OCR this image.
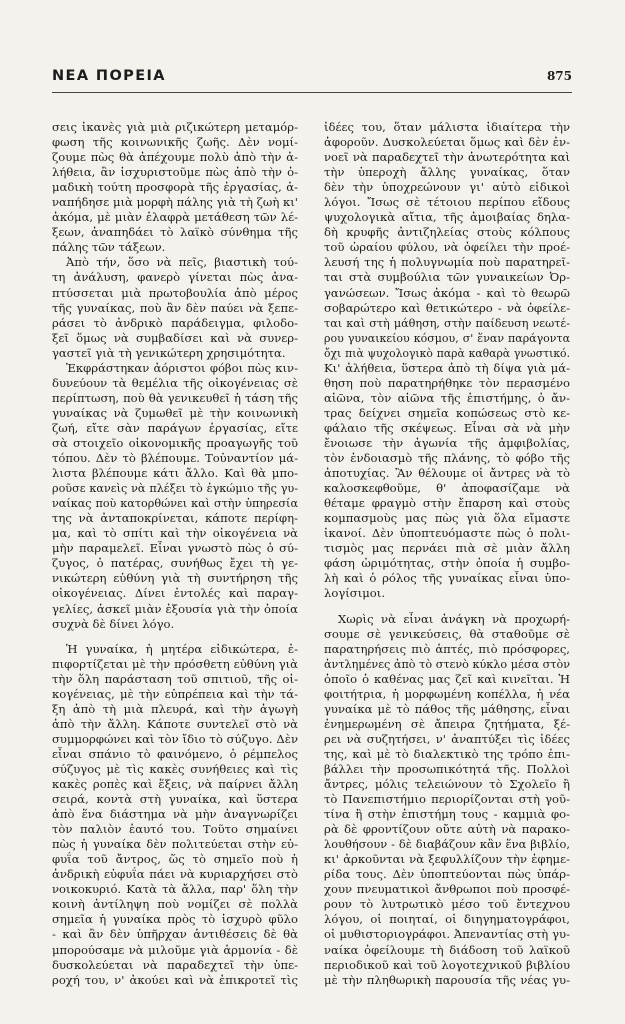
ΝΕΑ ΠΟΡΕΙΑ	875
σεις ἱκανὲς γιὰ μιὰ ριζικώτερη μεταμόρ-
φωση τῆς κοινωνικῆς ζωῆς. Δὲν νομί-
ζουμε πὼς θὰ ἀπέχουμε πολὺ ἀπὸ τὴν ἀ-
λήθεια, ἂν ἰσχυριστοῦμε πὼς ἀπὸ τὴν ὁ-
μαδικὴ τούτη προσφορὰ τῆς ἐργασίας, ἀ-
ναπήδησε μιὰ μορφὴ πάλης γιὰ τὴ ζωὴ κι'
ἀκόμα, μὲ μιὰν ἐλαφρὰ μετάθεση τῶν λέ-
ξεων, ἀναπηδάει τὸ λαϊκὸ σύνθημα τῆς
πάλης τῶν τάξεων.
Ἀπὸ τήν, ὅσο νὰ πεῖς, βιαστικὴ τού-
τη ἀνάλυση, φανερὸ γίνεται πὼς ἀνα-
πτύσσεται μιὰ πρωτοβουλία ἀπὸ μέρος
τῆς γυναίκας, ποὺ ἂν δὲν παύει νὰ ξεπε-
ράσει τὸ ἀνδρικὸ παράδειγμα, φιλοδο-
ξεῖ ὅμως νὰ συμβαδίσει καὶ νὰ συνερ-
γαστεῖ γιὰ τὴ γενικώτερη χρησιμότητα.
Ἐκφράστηκαν ἀόριστοι φόβοι πὼς κιν-
δυνεύουν τὰ θεμέλια τῆς οἰκογένειας σὲ
περίπτωση, ποὺ θὰ γενικευθεῖ ἡ τάση τῆς
γυναίκας νὰ ζυμωθεῖ μὲ τὴν κοινωνικὴ
ζωή, εἴτε σὰν παράγων ἐργασίας, εἴτε
σὰ στοιχεῖο οἰκονομικῆς προαγωγῆς τοῦ
τόπου. Δὲν τὸ βλέπουμε. Τοὐναντίον μά-
λιστα βλέπουμε κάτι ἄλλο. Καὶ θὰ μπο-
ροῦσε κανεὶς νὰ πλέξει τὸ ἐγκώμιο τῆς γυ-
ναίκας ποὺ κατορθώνει καὶ στὴν ὑπηρεσία
της νὰ ἀνταποκρίνεται, κάποτε περίφη-
μα, καὶ τὸ σπίτι καὶ τὴν οἰκογένεια νὰ
μὴν παραμελεῖ. Εἶναι γνωστὸ πὼς ὁ σύ-
ζυγος, ὁ πατέρας, συνήθως ἔχει τὴ γε-
νικώτερη εὐθύνη γιὰ τὴ συντήρηση τῆς
οἰκογένειας. Δίνει ἐντολές καὶ παραγ-
γελίες, ἀσκεῖ μιὰν ἐξουσία γιὰ τὴν ὁποία
συχνὰ δὲ δίνει λόγο.
Ἡ γυναίκα, ἡ μητέρα εἰδικώτερα, ἐ-
πιφορτίζεται μὲ τὴν πρόσθετη εὐθύνη γιὰ
τὴν ὅλη παράσταση τοῦ σπιτιοῦ, τῆς οἰ-
κογένειας, μὲ τὴν εὐπρέπεια καὶ τὴν τά-
ξη ἀπὸ τὴ μιὰ πλευρά, καὶ τὴν ἀγωγὴ
ἀπὸ τὴν ἄλλη. Κάποτε συντελεῖ στὸ νὰ
συμμορφώνει καὶ τὸν ἴδιο τὸ σύζυγο. Δὲν
εἶναι σπάνιο τὸ φαινόμενο, ὁ ρέμπελος
σύζυγος μὲ τὶς κακὲς συνήθειες καὶ τὶς
κακὲς ροπὲς καὶ ἕξεις, νὰ παίρνει ἄλλη
σειρά, κοντὰ στὴ γυναίκα, καὶ ὕστερα
ἀπὸ ἕνα διάστημα νὰ μὴν ἀναγνωρίζει
τὸν παλιὸν ἑαυτό του. Τοῦτο σημαίνει
πὼς ἡ γυναίκα δὲν πολιτεύεται στὴν εὐ-
φυΐα τοῦ ἄντρος, ὥς τὸ σημεῖο ποὺ ἡ
ἀνδρικὴ εὐφυΐα πάει νὰ κυριαρχήσει στὸ
νοικοκυριό. Κατὰ τὰ ἄλλα, παρ' ὅλη τὴν
κοινὴ ἀντίληψη ποὺ νομίζει σὲ πολλὰ
σημεῖα ἡ γυναίκα πρὸς τὸ ἰσχυρὸ φῦλο
- καὶ ἂν δὲν ὑπῆρχαν ἀντιθέσεις δὲ θὰ
μπορούσαμε νὰ μιλοῦμε γιὰ ἁρμονία - δὲ
δυσκολεύεται νὰ παραδεχτεῖ τὴν ὑπε-
ροχή του, ν' ἀκούει καὶ νὰ ἐπικροτεῖ τὶς
ἰδέες του, ὅταν μάλιστα ἰδιαίτερα τὴν
ἀφοροῦν. Δυσκολεύεται ὅμως καὶ δὲν ἐν-
νοεῖ νὰ παραδεχτεῖ τὴν ἀνωτερότητα καὶ
τὴν ὑπεροχὴ ἄλλης γυναίκας, ὅταν
δὲν τὴν ὑποχρεώνουν γι' αὐτὸ εἰδικοὶ
λόγοι. Ἴσως σὲ τέτοιου περίπου εἴδους
ψυχολογικὰ αἴτια, τῆς ἀμοιβαίας δηλα-
δὴ κρυφῆς ἀντιζηλείας στοὺς κόλπους
τοῦ ὡραίου φύλου, νὰ ὀφείλει τὴν προέ-
λευσή της ἡ πολυγνωμία ποὺ παρατηρεῖ-
ται στὰ συμβούλια τῶν γυναικείων Ὀρ-
γανώσεων. Ἴσως ἀκόμα - καὶ τὸ θεωρῶ
σοβαρώτερο καὶ θετικώτερο - νὰ ὀφείλε-
ται καὶ στὴ μάθηση, στὴν παίδευση νεωτέ-
ρου γυναικείου κόσμου, σ' ἕναν παράγοντα
ὄχι πιὰ ψυχολογικὸ παρὰ καθαρὰ γνωστικό.
Κι' ἀλήθεια, ὕστερα ἀπὸ τὴ δίψα γιὰ μά-
θηση ποὺ παρατηρήθηκε τὸν περασμένο
αἰῶνα, τὸν αἰῶνα τῆς ἐπιστήμης, ὁ ἄν-
τρας δείχνει σημεῖα κοπώσεως στὸ κε-
φάλαιο τῆς σκέψεως. Εἶναι σὰ νὰ μὴν
ἔνοιωσε τὴν ἀγωνία τῆς ἀμφιβολίας,
τὸν ἐνδοιασμὸ τῆς πλάνης, τὸ φόβο τῆς
ἀποτυχίας. Ἂν θέλουμε οἱ ἄντρες νὰ τὸ
καλοσκεφθοῦμε, θ' ἀποφασίζαμε νὰ
θέταμε φραγμὸ στὴν ἔπαρση καὶ στοὺς
κομπασμοὺς μας πὼς γιὰ ὅλα εἴμαστε
ἱκανοί. Δὲν ὑποπτευόμαστε πὼς ὁ πολι-
τισμὸς μας περνάει πιὰ σὲ μιὰν ἄλλη
φάση ὡριμότητας, στὴν ὁποία ἡ συμβο-
λὴ καὶ ὁ ρόλος τῆς γυναίκας εἶναι ὑπο-
λογίσιμοι.
Χωρὶς νὰ εἶναι ἀνάγκη νὰ προχωρή-
σουμε σὲ γενικεύσεις, θὰ σταθοῦμε σὲ
παρατηρήσεις πιὸ ἁπτές, πιὸ πρόσφορες,
ἀντλημένες ἀπὸ τὸ στενὸ κύκλο μέσα στὸν
ὁποῖο ὁ καθένας μας ζεῖ καὶ κινεῖται. Ἡ
φοιτήτρια, ἡ μορφωμένη κοπέλλα, ἡ νέα
γυναίκα μὲ τὸ πάθος τῆς μάθησης, εἶναι
ἐνημερωμένη σὲ ἄπειρα ζητήματα, ξέ-
ρει νὰ συζητήσει, ν' ἀναπτύξει τὶς ἰδέες
της, καὶ μὲ τὸ διαλεκτικὸ της τρόπο ἐπι-
βάλλει τὴν προσωπικότητά τῆς. Πολλοὶ
ἄντρες, μόλις τελειώνουν τὸ Σχολεῖο ἢ
τὸ Πανεπιστήμιο περιορίζονται στὴ γοῦ-
τίνα ἢ στὴν ἐπιστήμη τους - καμμιὰ φο-
ρὰ δὲ φροντίζουν οὔτε αὐτὴ νὰ παρακο-
λουθήσουν - δὲ διαβάζουν κἂν ἕνα βιβλίο,
κι' ἀρκοῦνται νὰ ξεφυλλίζουν τὴν ἐφημε-
ρίδα τους. Δὲν ὑποπτεύονται πὼς ὑπάρ-
χουν πνευματικοὶ ἄνθρωποι ποὺ προσφέ-
ρουν τὸ λυτρωτικὸ μέσο τοῦ ἔντεχνου
λόγου, οἱ ποιηταί, οἱ διηγηματογράφοι,
οἱ μυθιστοριογράφοι. Ἀπεναντίας στὴ γυ-
ναίκα ὀφείλουμε τὴ διάδοση τοῦ λαϊκοῦ
περιοδικοῦ καὶ τοῦ λογοτεχνικοῦ βιβλίου
μὲ τὴν πληθωρικὴ παρουσία τῆς νέας γυ-
